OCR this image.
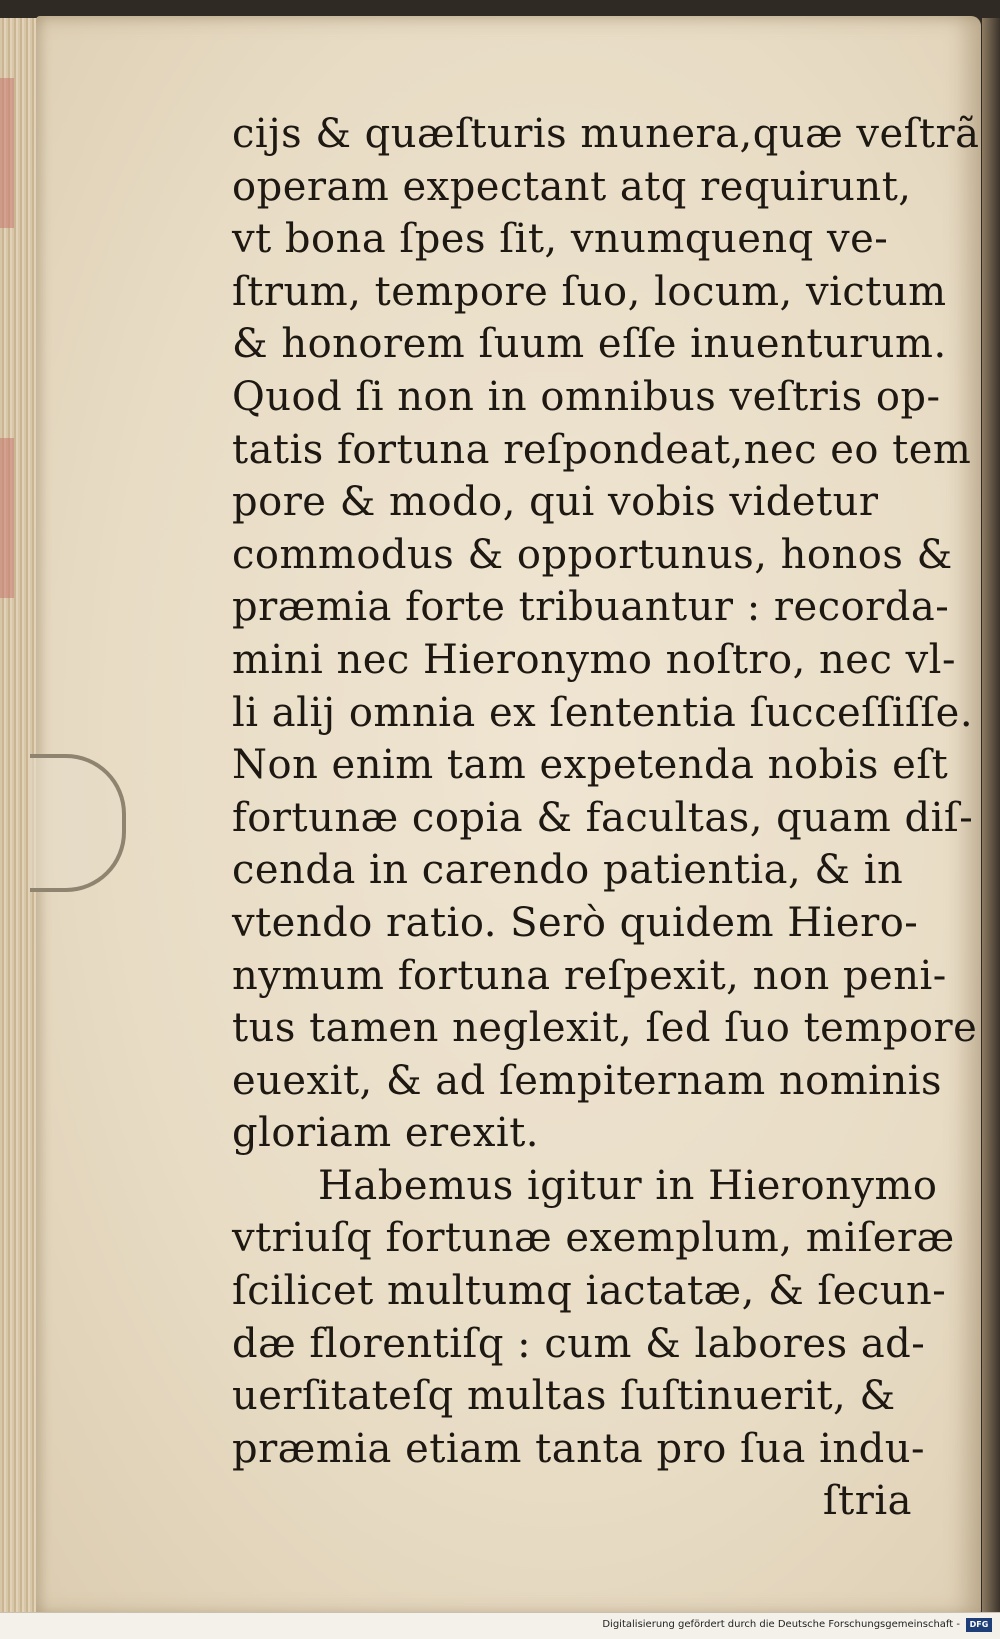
ciјs & quæſturis munera,quæ veſtrã
operam expectant atq requirunt,
vt bona ſpes ſit, vnumquenq ve-
ſtrum, tempore ſuo, locum, victum
& honorem ſuum eſſe inuenturum.
Quod ſi non in omnibus veſtris op-
tatis fortuna reſpondeat,nec eo tem
pore & modo, qui vobis videtur
commodus & opportunus, honos &
præmia forte tribuantur : recorda-
mini nec Hieronymo noſtro, nec vl-
li aliј omnia ex ſententia ſucceſſiſſe.
Non enim tam expetenda nobis eſt
fortunæ copia & facultas, quam diſ-
cenda in carendo patientia, & in
vtendo ratio. Serò quidem Hiero-
nymum fortuna reſpexit, non peni-
tus tamen neglexit, ſed ſuo tempore
euexit, & ad ſempiternam nominis
gloriam erexit.
Habemus igitur in Hieronymo
vtriuſq fortunæ exemplum, miſeræ
ſcilicet multumq iactatæ, & ſecun-
dæ florentiſq : cum & labores ad-
uerſitateſq multas ſuſtinuerit, &
præmia etiam tanta pro ſua indu-
ſtria
Digitalisierung gefördert durch die Deutsche Forschungsgemeinschaft -	DFG
